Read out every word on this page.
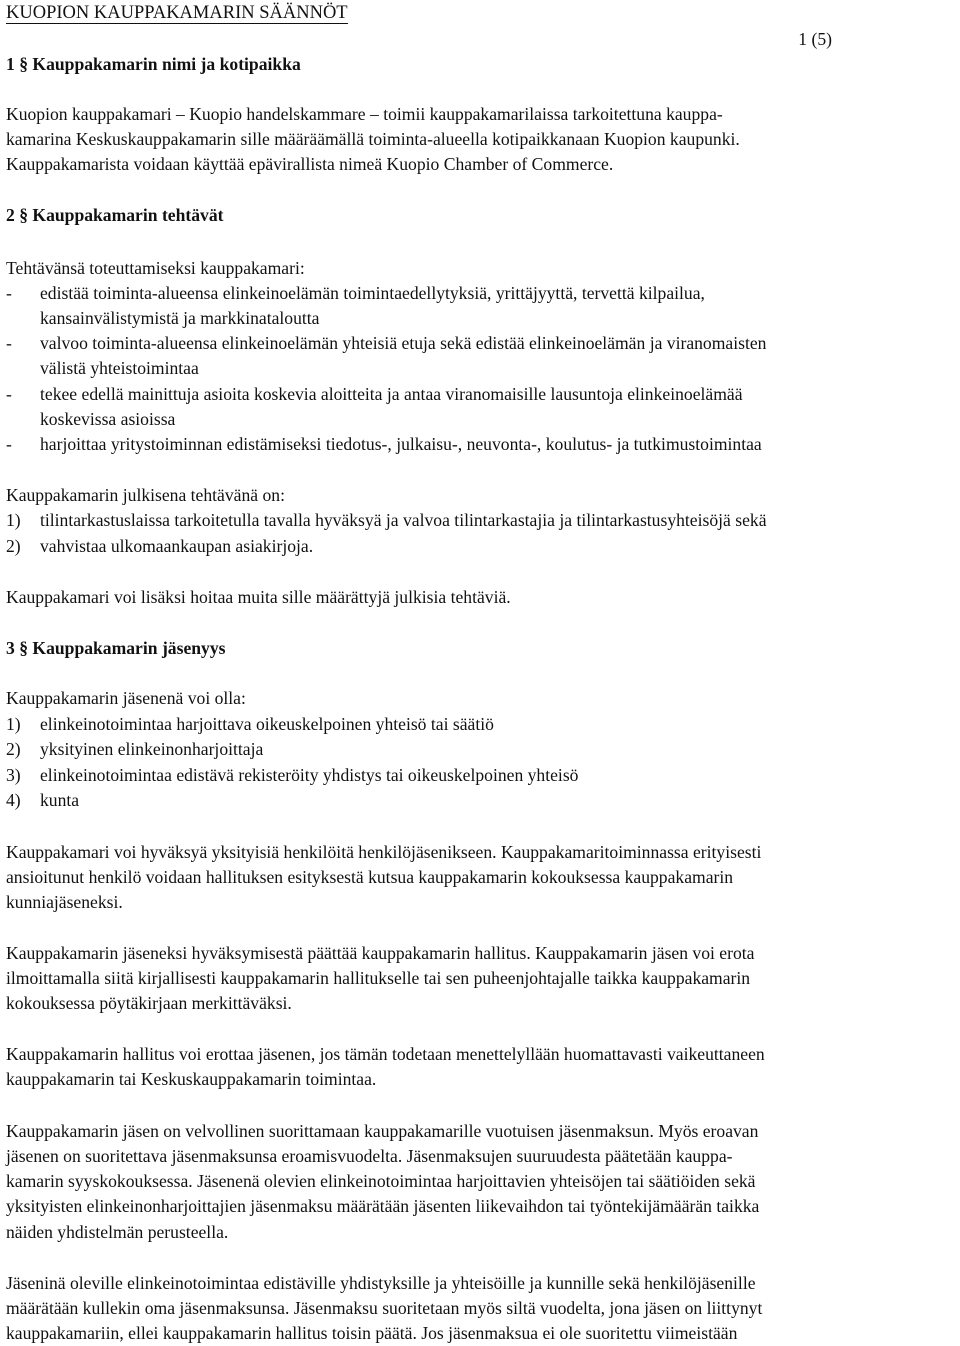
KUOPION KAUPPAKAMARIN SÄÄNNÖT
1 (5)
1 § Kauppakamarin nimi ja kotipaikka
Kuopion kauppakamari – Kuopio handelskammare – toimii kauppakamarilaissa tarkoitettuna kauppa-
kamarina Keskuskauppakamarin sille määräämällä toiminta-alueella kotipaikkanaan Kuopion kaupunki.
Kauppakamarista voidaan käyttää epävirallista nimeä Kuopio Chamber of Commerce.
2 § Kauppakamarin tehtävät
Tehtävänsä toteuttamiseksi kauppakamari:
- edistää toiminta-alueensa elinkeinoelämän toimintaedellytyksiä, yrittäjyyttä, tervettä kilpailua,
kansainvälistymistä ja markkinataloutta
- valvoo toiminta-alueensa elinkeinoelämän yhteisiä etuja sekä edistää elinkeinoelämän ja viranomaisten
välistä yhteistoimintaa
- tekee edellä mainittuja asioita koskevia aloitteita ja antaa viranomaisille lausuntoja elinkeinoelämää
koskevissa asioissa
- harjoittaa yritystoiminnan edistämiseksi tiedotus-, julkaisu-, neuvonta-, koulutus- ja tutkimustoimintaa
Kauppakamarin julkisena tehtävänä on:
1) tilintarkastuslaissa tarkoitetulla tavalla hyväksyä ja valvoa tilintarkastajia ja tilintarkastusyhteisöjä sekä
2) vahvistaa ulkomaankaupan asiakirjoja.
Kauppakamari voi lisäksi hoitaa muita sille määrättyjä julkisia tehtäviä.
3 § Kauppakamarin jäsenyys
Kauppakamarin jäsenenä voi olla:
1) elinkeinotoimintaa harjoittava oikeuskelpoinen yhteisö tai säätiö
2) yksityinen elinkeinonharjoittaja
3) elinkeinotoimintaa edistävä rekisteröity yhdistys tai oikeuskelpoinen yhteisö
4) kunta
Kauppakamari voi hyväksyä yksityisiä henkilöitä henkilöjäsenikseen. Kauppakamaritoiminnassa erityisesti
ansioitunut henkilö voidaan hallituksen esityksestä kutsua kauppakamarin kokouksessa kauppakamarin
kunniajäseneksi.
Kauppakamarin jäseneksi hyväksymisestä päättää kauppakamarin hallitus. Kauppakamarin jäsen voi erota
ilmoittamalla siitä kirjallisesti kauppakamarin hallitukselle tai sen puheenjohtajalle taikka kauppakamarin
kokouksessa pöytäkirjaan merkittäväksi.
Kauppakamarin hallitus voi erottaa jäsenen, jos tämän todetaan menettelyllään huomattavasti vaikeuttaneen
kauppakamarin tai Keskuskauppakamarin toimintaa.
Kauppakamarin jäsen on velvollinen suorittamaan kauppakamarille vuotuisen jäsenmaksun. Myös eroavan
jäsenen on suoritettava jäsenmaksunsa eroamisvuodelta. Jäsenmaksujen suuruudesta päätetään kauppa-
kamarin syyskokouksessa. Jäsenenä olevien elinkeinotoimintaa harjoittavien yhteisöjen tai säätiöiden sekä
yksityisten elinkeinonharjoittajien jäsenmaksu määrätään jäsenten liikevaihdon tai työntekijämäärän taikka
näiden yhdistelmän perusteella.
Jäseninä oleville elinkeinotoimintaa edistäville yhdistyksille ja yhteisöille ja kunnille sekä henkilöjäsenille
määrätään kullekin oma jäsenmaksunsa. Jäsenmaksu suoritetaan myös siltä vuodelta, jona jäsen on liittynyt
kauppakamariin, ellei kauppakamarin hallitus toisin päätä. Jos jäsenmaksua ei ole suoritettu viimeistään
